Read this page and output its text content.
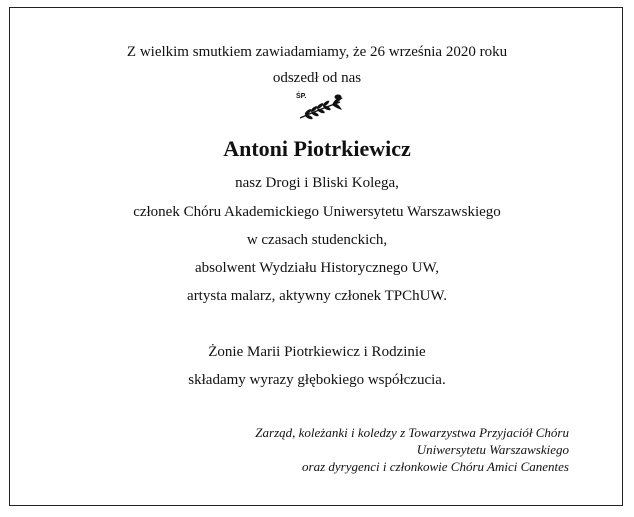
Z wielkim smutkiem zawiadamiamy, że 26 września 2020 roku
odszedł od nas
ŚP.
Antoni Piotrkiewicz
nasz Drogi i Bliski Kolega,
członek Chóru Akademickiego Uniwersytetu Warszawskiego
w czasach studenckich,
absolwent Wydziału Historycznego UW,
artysta malarz, aktywny członek TPChUW.
Żonie Marii Piotrkiewicz i Rodzinie
składamy wyrazy głębokiego współczucia.
Zarząd, koleżanki i koledzy z Towarzystwa Przyjaciół Chóru
Uniwersytetu Warszawskiego
oraz dyrygenci i członkowie Chóru Amici Canentes
